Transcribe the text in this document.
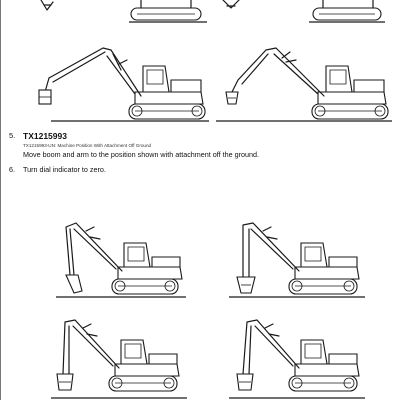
5. TX1215993
TX1215993-UN: Machine Position With Attachment Off Ground
Move boom and arm to the position shown with attachment off the ground.
6. Turn dial indicator to zero.
